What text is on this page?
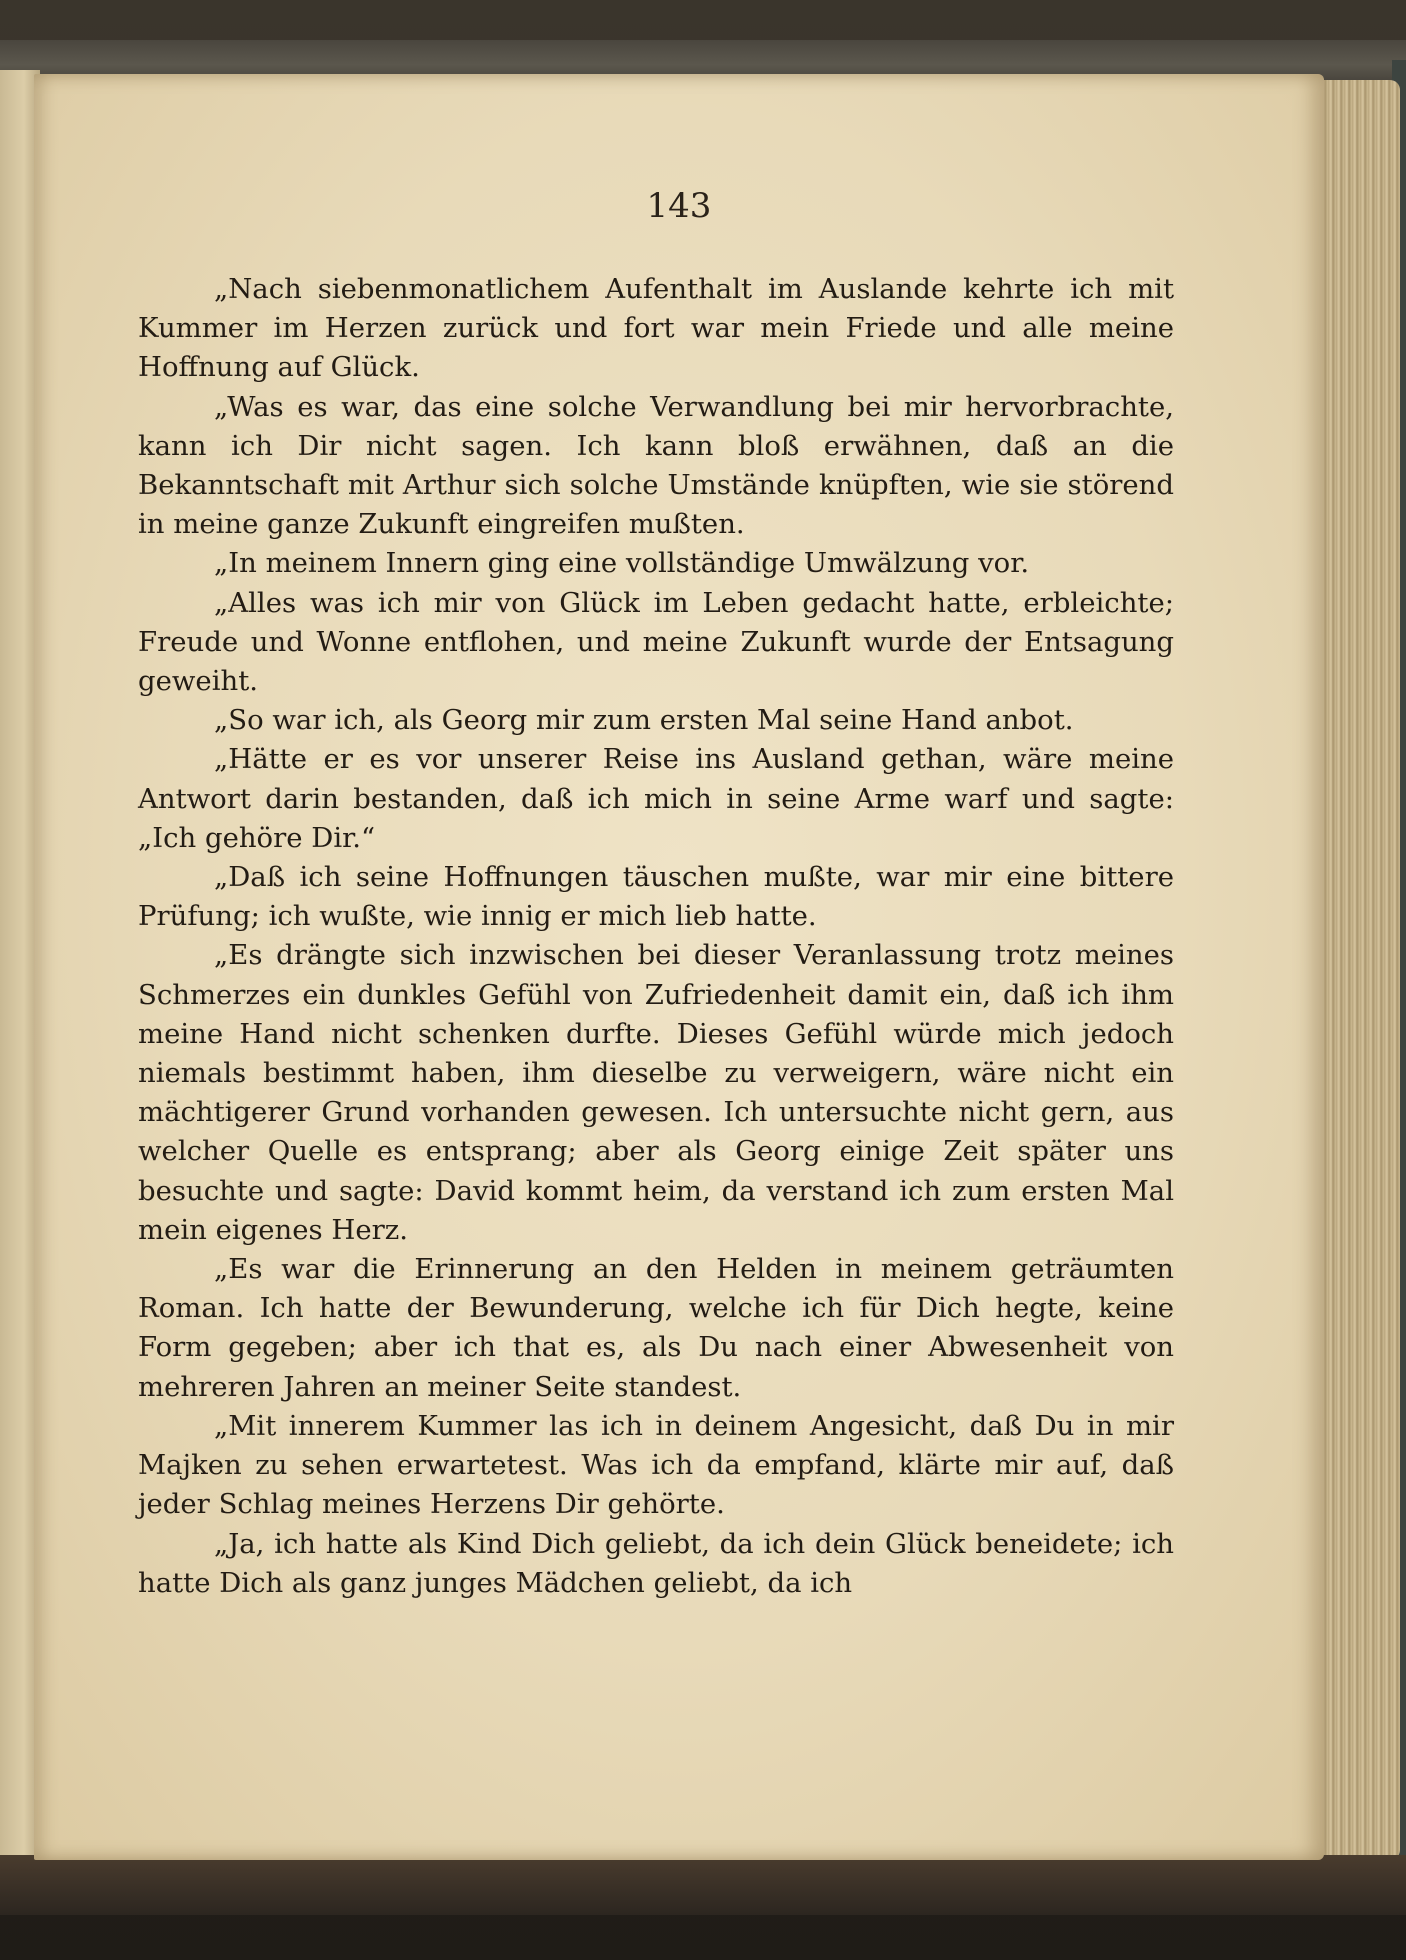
143

„Nach siebenmonatlichem Aufenthalt im Auslande kehrte ich mit Kummer im Herzen zurück und fort war mein Friede und alle meine Hoffnung auf Glück.

„Was es war, das eine solche Verwandlung bei mir hervorbrachte, kann ich Dir nicht sagen. Ich kann bloß erwähnen, daß an die Bekanntschaft mit Arthur sich solche Umstände knüpften, wie sie störend in meine ganze Zukunft eingreifen mußten.

„In meinem Innern ging eine vollständige Umwälzung vor.

„Alles was ich mir von Glück im Leben gedacht hatte, erbleichte; Freude und Wonne entflohen, und meine Zukunft wurde der Entsagung geweiht.

„So war ich, als Georg mir zum ersten Mal seine Hand anbot.

„Hätte er es vor unserer Reise ins Ausland gethan, wäre meine Antwort darin bestanden, daß ich mich in seine Arme warf und sagte: „Ich gehöre Dir.“

„Daß ich seine Hoffnungen täuschen mußte, war mir eine bittere Prüfung; ich wußte, wie innig er mich lieb hatte.

„Es drängte sich inzwischen bei dieser Veranlassung trotz meines Schmerzes ein dunkles Gefühl von Zufriedenheit damit ein, daß ich ihm meine Hand nicht schenken durfte. Dieses Gefühl würde mich jedoch niemals bestimmt haben, ihm dieselbe zu verweigern, wäre nicht ein mächtigerer Grund vorhanden gewesen. Ich untersuchte nicht gern, aus welcher Quelle es entsprang; aber als Georg einige Zeit später uns besuchte und sagte: David kommt heim, da verstand ich zum ersten Mal mein eigenes Herz.

„Es war die Erinnerung an den Helden in meinem geträumten Roman. Ich hatte der Bewunderung, welche ich für Dich hegte, keine Form gegeben; aber ich that es, als Du nach einer Abwesenheit von mehreren Jahren an meiner Seite standest.

„Mit innerem Kummer las ich in deinem Angesicht, daß Du in mir Majken zu sehen erwartetest. Was ich da empfand, klärte mir auf, daß jeder Schlag meines Herzens Dir gehörte.

„Ja, ich hatte als Kind Dich geliebt, da ich dein Glück beneidete; ich hatte Dich als ganz junges Mädchen geliebt, da ich
